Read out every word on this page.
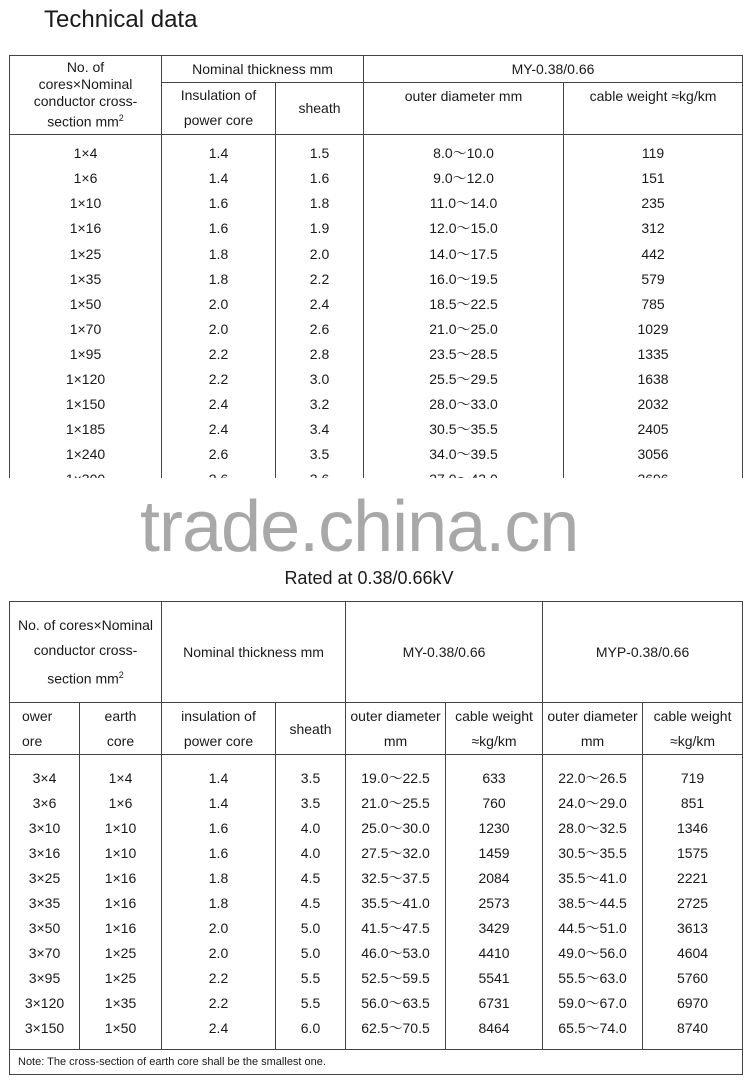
Technical data
No. of cores×Nominal conductor cross-section $mm^2$	Nominal thickness mm		MY-0.38/0.66	
	Insulation of power core	sheath	outer diameter mm	cable weight ≈kg/km
1×4	1.4	1.5	8.0～10.0	119
1×6	1.4	1.6	9.0～12.0	151
1×10	1.6	1.8	11.0～14.0	235
1×16	1.6	1.9	12.0～15.0	312
1×25	1.8	2.0	14.0～17.5	442
1×35	1.8	2.2	16.0～19.5	579
1×50	2.0	2.4	18.5～22.5	785
1×70	2.0	2.6	21.0～25.0	1029
1×95	2.2	2.8	23.5～28.5	1335
1×120	2.2	3.0	25.5～29.5	1638
1×150	2.4	3.2	28.0～33.0	2032
1×185	2.4	3.4	30.5～35.5	2405
1×240	2.6	3.5	34.0～39.5	3056

trade.china.cn
Rated at 0.38/0.66kV
No. of cores×Nominal conductor cross-section $mm^2$		Nominal thickness mm		MY-0.38/0.66		MYP-0.38/0.66	
ower ore	earth core	insulation of power core	sheath	outer diameter mm	cable weight ≈kg/km	outer diameter mm	cable weight ≈kg/km
3×4	1×4	1.4	3.5	19.0～22.5	633	22.0～26.5	719
3×6	1×6	1.4	3.5	21.0～25.5	760	24.0～29.0	851
3×10	1×10	1.6	4.0	25.0～30.0	1230	28.0～32.5	1346
3×16	1×10	1.6	4.0	27.5～32.0	1459	30.5～35.5	1575
3×25	1×16	1.8	4.5	32.5～37.5	2084	35.5～41.0	2221
3×35	1×16	1.8	4.5	35.5～41.0	2573	38.5～44.5	2725
3×50	1×16	2.0	5.0	41.5～47.5	3429	44.5～51.0	3613
3×70	1×25	2.0	5.0	46.0～53.0	4410	49.0～56.0	4604
3×95	1×25	2.2	5.5	52.5～59.5	5541	55.5～63.0	5760
3×120	1×35	2.2	5.5	56.0～63.5	6731	59.0～67.0	6970
3×150	1×50	2.4	6.0	62.5～70.5	8464	65.5～74.0	8740
Note: The cross-section of earth core shall be the smallest one.							
